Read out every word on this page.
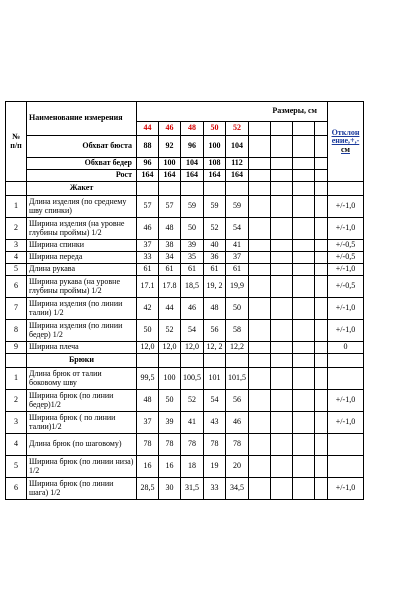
№ п/п	Наименование измерения	Размеры, см									Отклон
ение,+,-
см

		44	46	48	50	52					
	Обхват бюста	88	92	96	100	104					
	Обхват бедер	96	100	104	108	112					
	Рост	164	164	164	164	164					
	Жакет										
1	Длина изделия (по среднему шву спинки)	57	57	59	59	59					+/-1,0
2	Ширина изделия (на уровне глубины проймы) 1/2	46	48	50	52	54					+/-1,0
3	Ширина спинки	37	38	39	40	41					+/-0,5
4	Ширина переда	33	34	35	36	37					+/-0,5
5	Длина рукава	61	61	61	61	61					+/-1,0
6	Ширина рукава (на уровне глубины проймы) 1/2	17.1	17.8	18,5	19, 2	19,9					+/-0,5
7	Ширина изделия (по линии талии) 1/2	42	44	46	48	50					+/-1,0
8	Ширина изделия (по линии бедер) 1/2	50	52	54	56	58					+/-1,0
9	Ширина плеча	12,0	12,0	12,0	12, 2	12,2					0
	Брюки										
1	Длина брюк от талии боковому шву	99,5	100	100,5	101	101,5					
2	Ширина брюк (по линии бедер)1/2	48	50	52	54	56					+/-1,0
3	Ширина брюк ( по линии талии)1/2	37	39	41	43	46					+/-1,0
4	Длина брюк (по шаговому)	78	78	78	78	78					
5	Ширина брюк (по линии низа) 1/2	16	16	18	19	20					
6	Ширина брюк (по линии шага) 1/2	28,5	30	31,5	33	34,5					+/-1,0
